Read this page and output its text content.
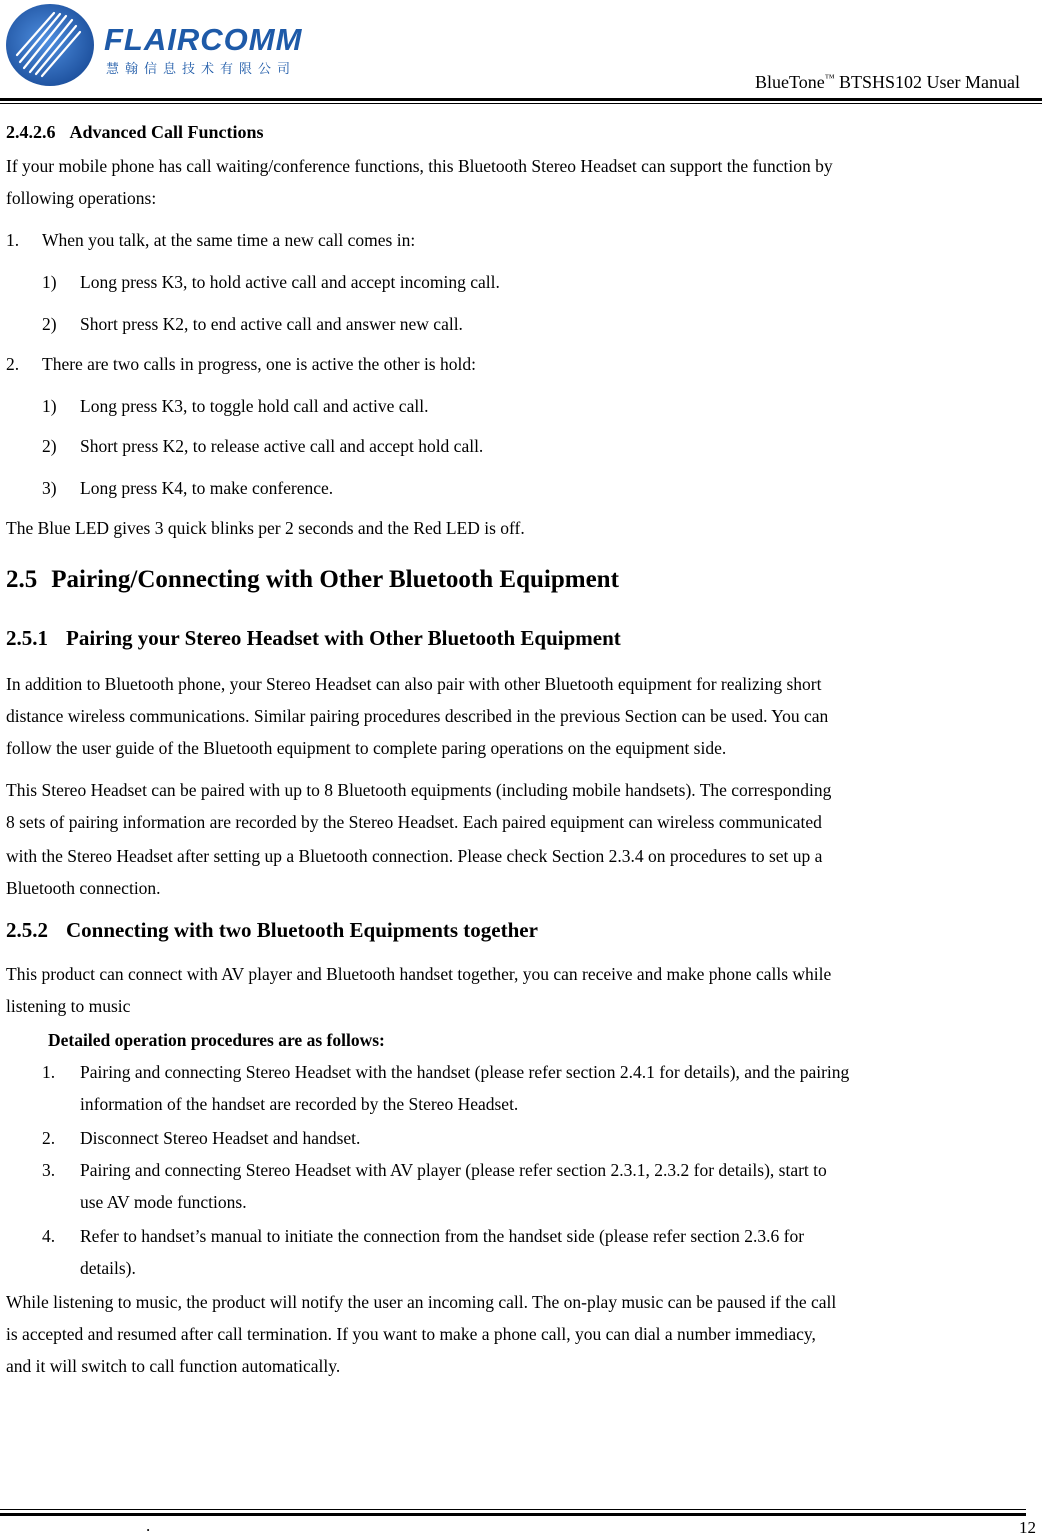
FLAIRCOMM
慧翰信息技术有限公司
BlueTone™ BTSHS102 User Manual
2.4.2.6 Advanced Call Functions
If your mobile phone has call waiting/conference functions, this Bluetooth Stereo Headset can support the function by
following operations:
1. When you talk, at the same time a new call comes in:
1) Long press K3, to hold active call and accept incoming call.
2) Short press K2, to end active call and answer new call.
2. There are two calls in progress, one is active the other is hold:
1) Long press K3, to toggle hold call and active call.
2) Short press K2, to release active call and accept hold call.
3) Long press K4, to make conference.
The Blue LED gives 3 quick blinks per 2 seconds and the Red LED is off.
2.5 Pairing/Connecting with Other Bluetooth Equipment
2.5.1 Pairing your Stereo Headset with Other Bluetooth Equipment
In addition to Bluetooth phone, your Stereo Headset can also pair with other Bluetooth equipment for realizing short
distance wireless communications. Similar pairing procedures described in the previous Section can be used. You can
follow the user guide of the Bluetooth equipment to complete paring operations on the equipment side.
This Stereo Headset can be paired with up to 8 Bluetooth equipments (including mobile handsets). The corresponding
8 sets of pairing information are recorded by the Stereo Headset. Each paired equipment can wireless communicated
with the Stereo Headset after setting up a Bluetooth connection. Please check Section 2.3.4 on procedures to set up a
Bluetooth connection.
2.5.2 Connecting with two Bluetooth Equipments together
This product can connect with AV player and Bluetooth handset together, you can receive and make phone calls while
listening to music
Detailed operation procedures are as follows:
1. Pairing and connecting Stereo Headset with the handset (please refer section 2.4.1 for details), and the pairing
information of the handset are recorded by the Stereo Headset.
2. Disconnect Stereo Headset and handset.
3. Pairing and connecting Stereo Headset with AV player (please refer section 2.3.1, 2.3.2 for details), start to
use AV mode functions.
4. Refer to handset’s manual to initiate the connection from the handset side (please refer section 2.3.6 for
details).
While listening to music, the product will notify the user an incoming call. The on-play music can be paused if the call
is accepted and resumed after call termination. If you want to make a phone call, you can dial a number immediacy,
and it will switch to call function automatically.
.	12
